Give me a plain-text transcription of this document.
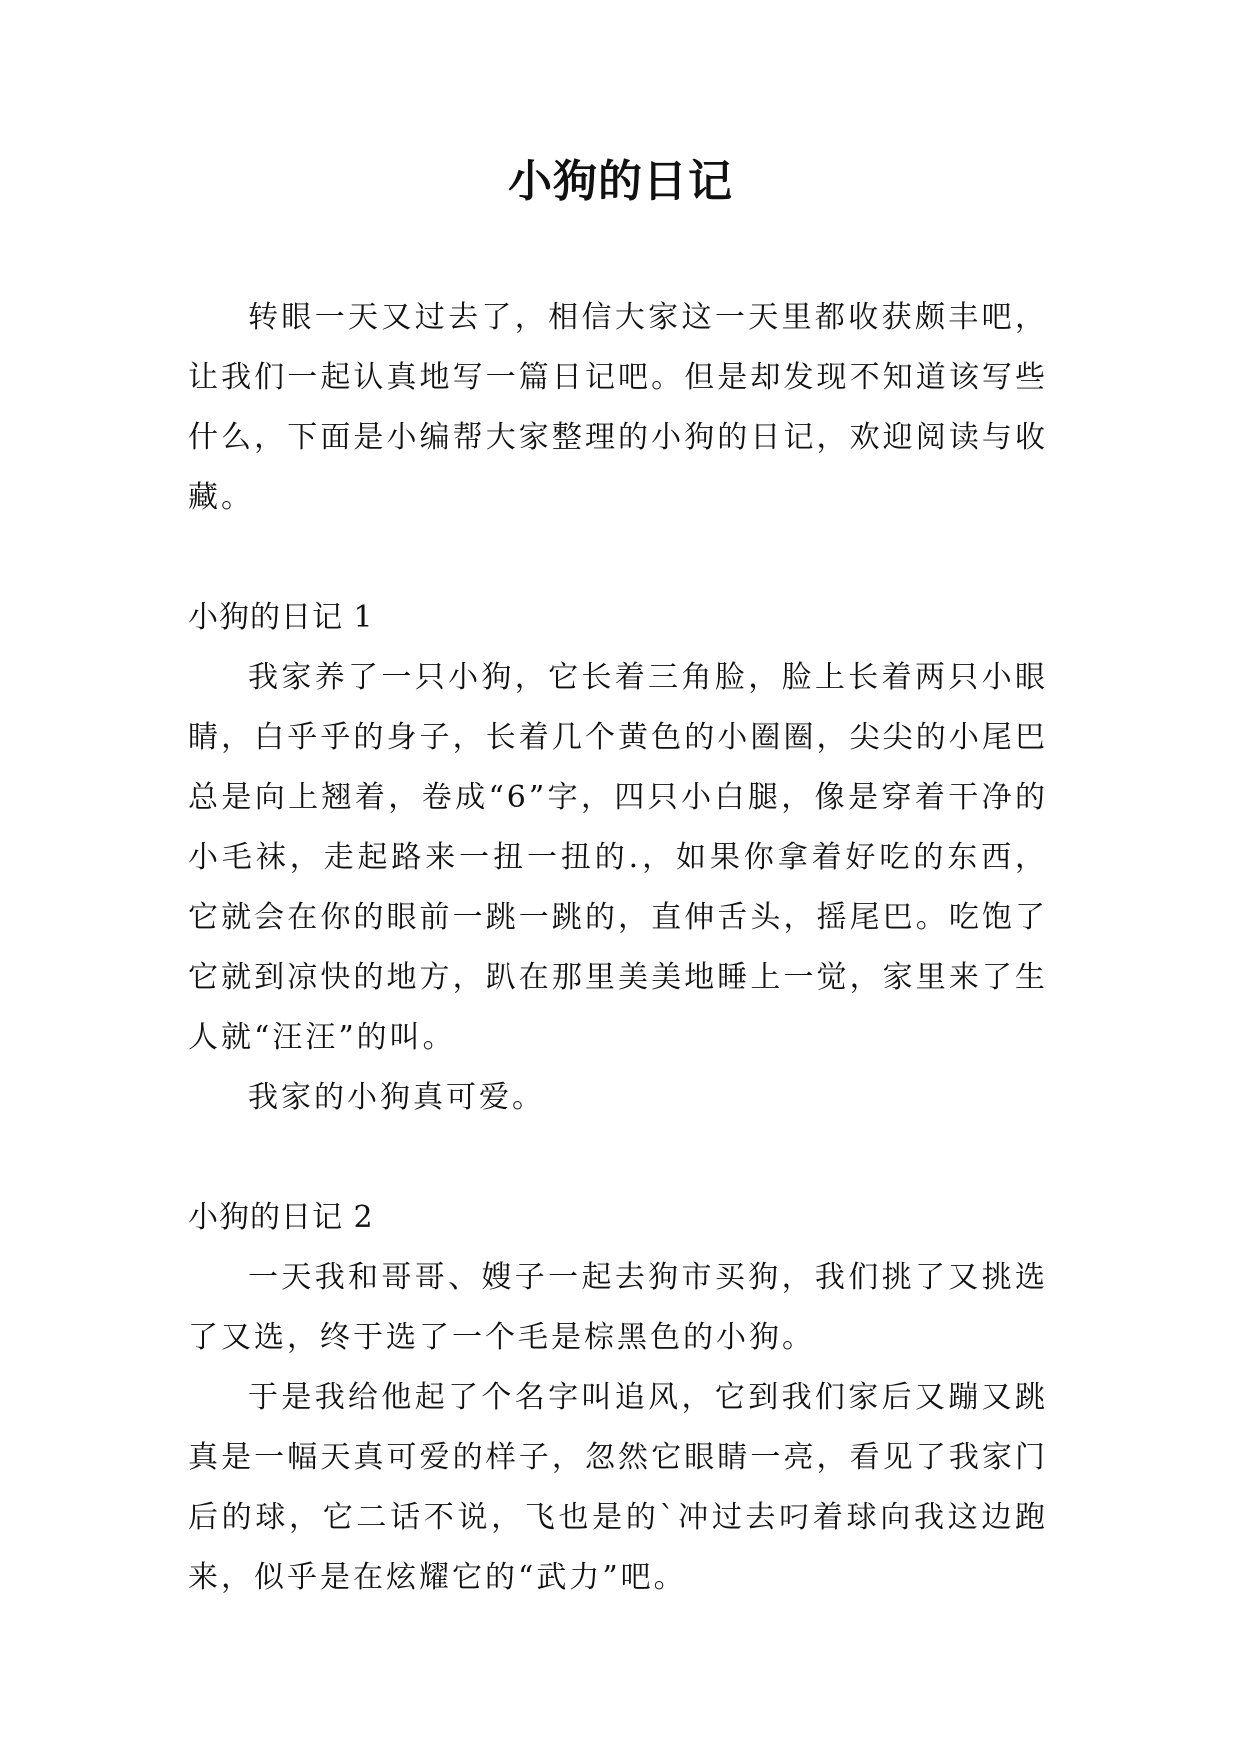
小狗的日记

转眼一天又过去了，相信大家这一天里都收获颇丰吧，让我们一起认真地写一篇日记吧。但是却发现不知道该写些什么，下面是小编帮大家整理的小狗的日记，欢迎阅读与收藏。

小狗的日记 1

我家养了一只小狗，它长着三角脸，脸上长着两只小眼睛，白乎乎的身子，长着几个黄色的小圈圈，尖尖的小尾巴总是向上翘着，卷成“6”字，四只小白腿，像是穿着干净的小毛袜，走起路来一扭一扭的.，如果你拿着好吃的东西，它就会在你的眼前一跳一跳的，直伸舌头，摇尾巴。吃饱了它就到凉快的地方，趴在那里美美地睡上一觉，家里来了生人就“汪汪”的叫。

我家的小狗真可爱。

小狗的日记 2

一天我和哥哥、嫂子一起去狗市买狗，我们挑了又挑选了又选，终于选了一个毛是棕黑色的小狗。

于是我给他起了个名字叫追风，它到我们家后又蹦又跳真是一幅天真可爱的样子，忽然它眼睛一亮，看见了我家门后的球，它二话不说，飞也是的`冲过去叼着球向我这边跑来，似乎是在炫耀它的“武力”吧。
